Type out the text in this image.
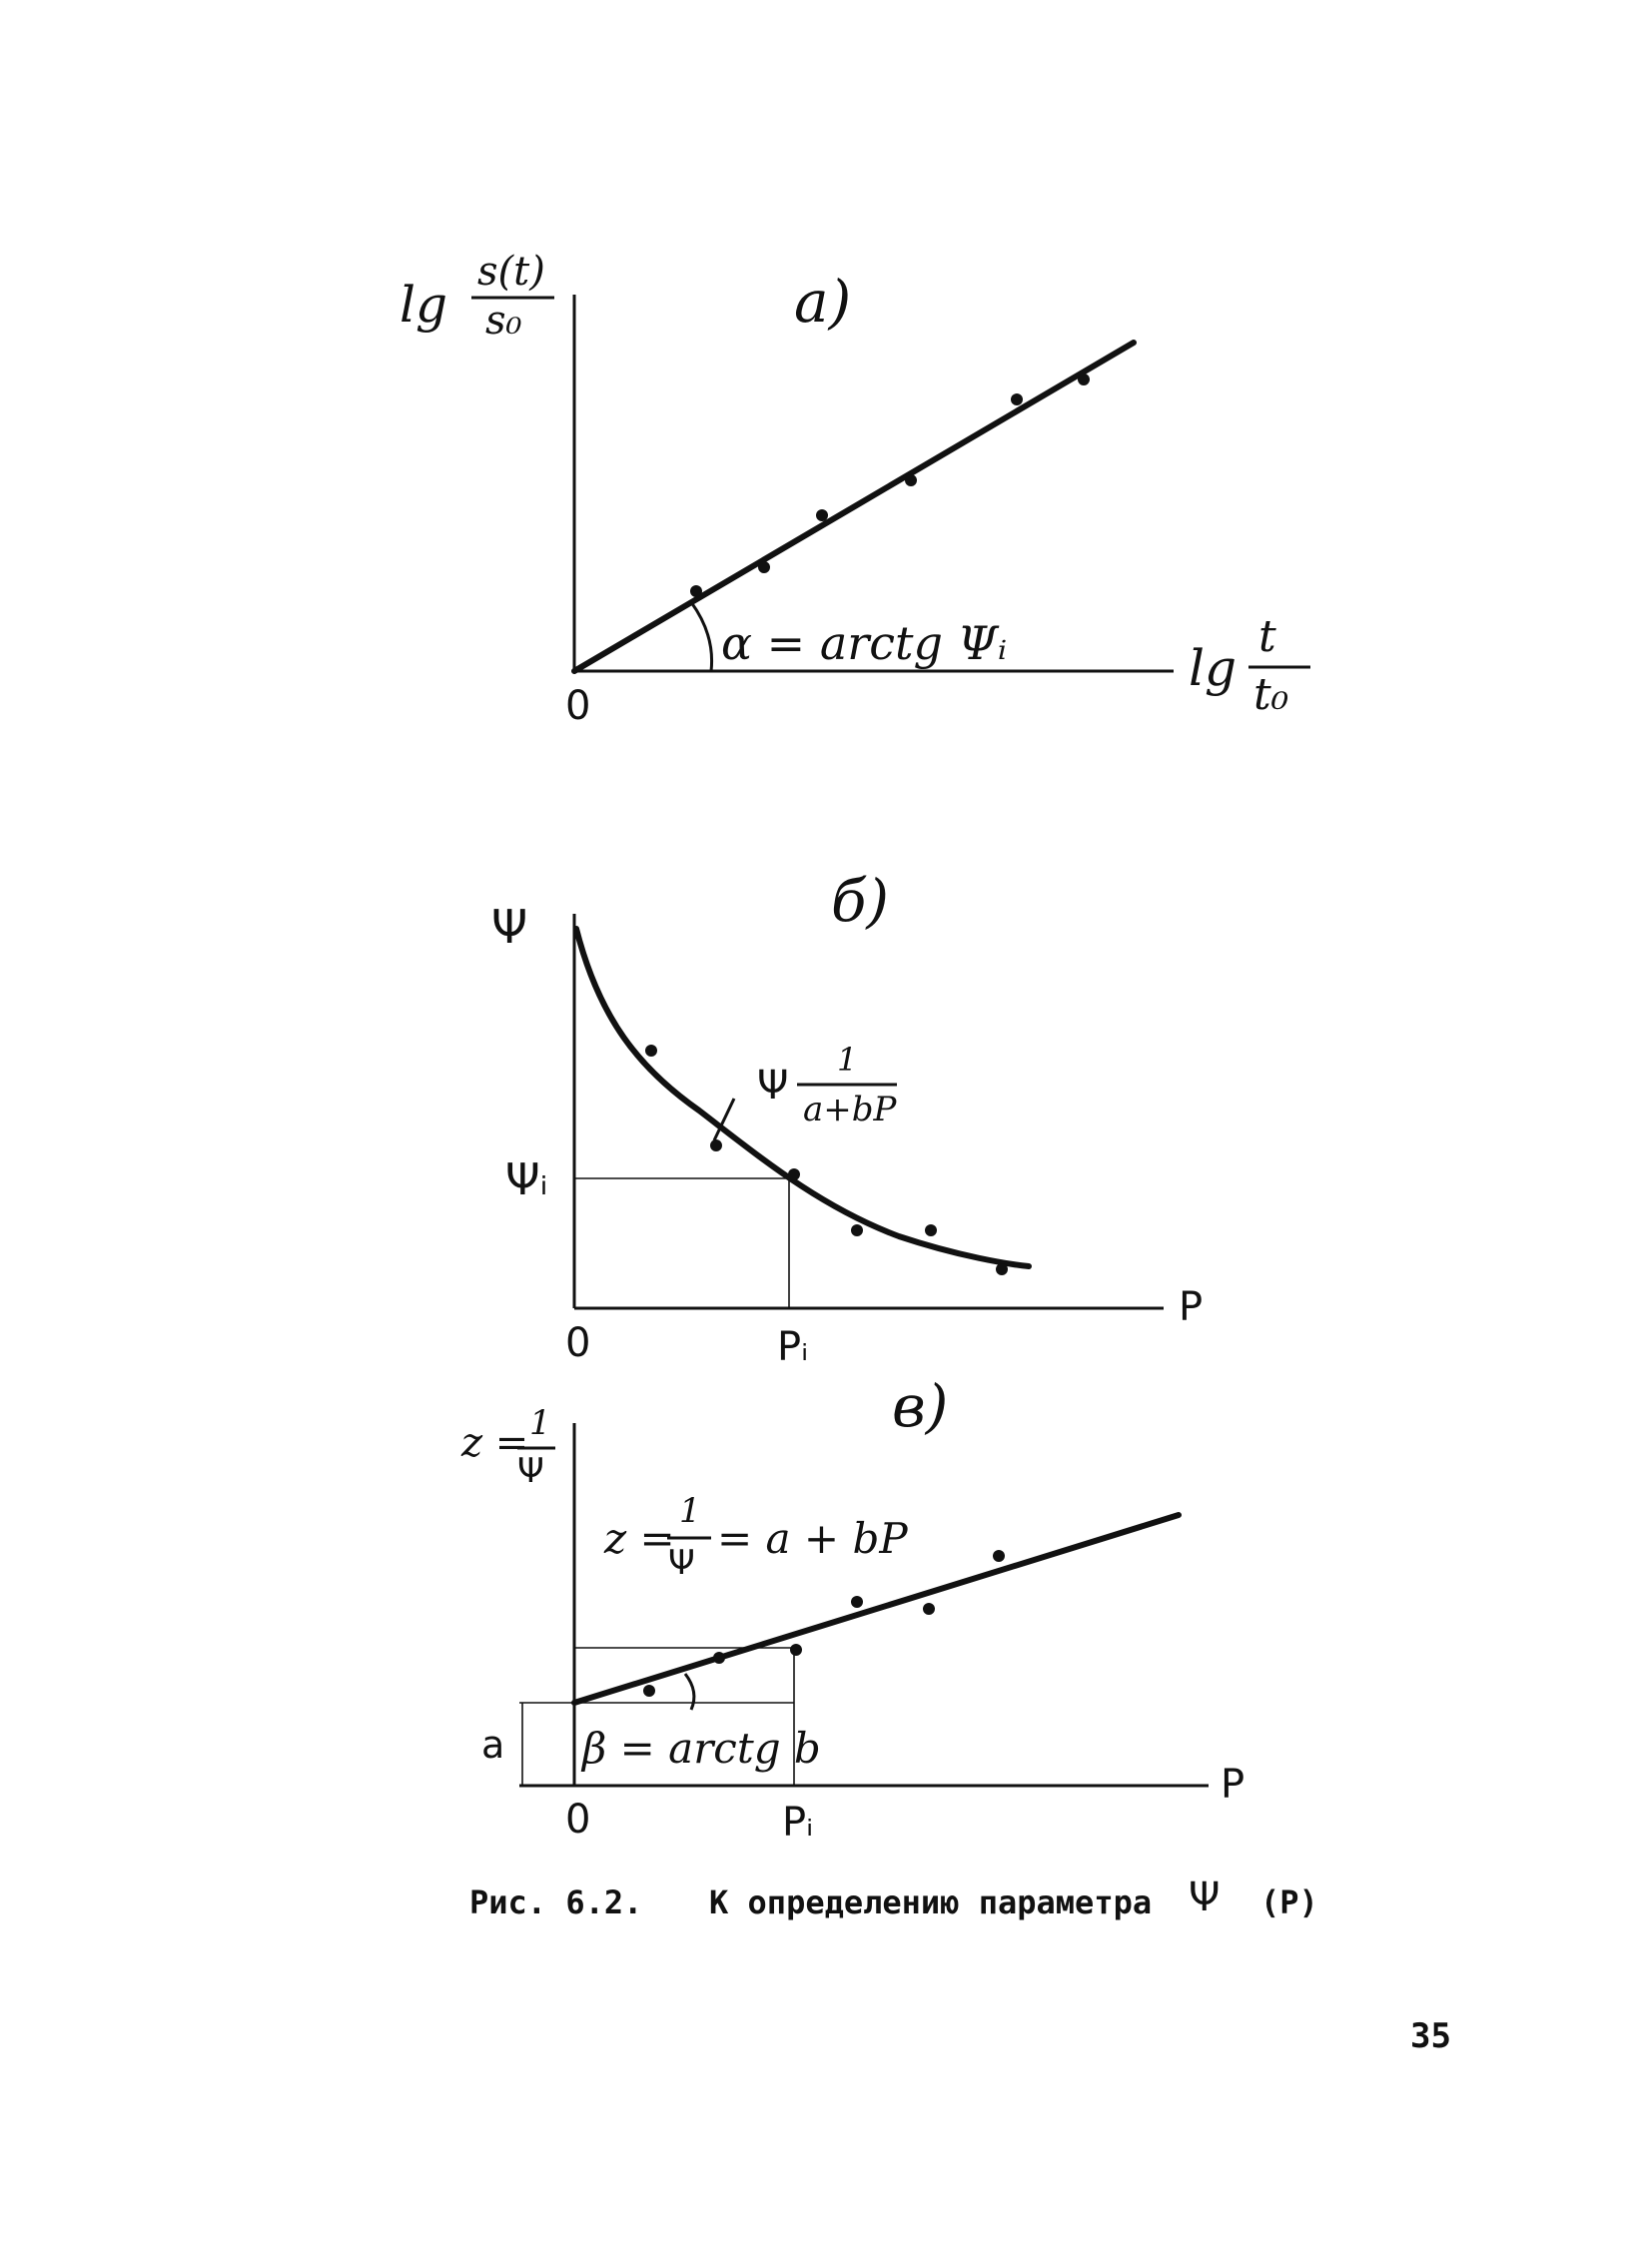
a)
lg
s(t)
s₀
α = arctg Ψᵢ	lg
t
t₀
0
б)
Ψ
Ψ
1
a+bP
Ψᵢ
P
0	Pᵢ
в)
z = 1
Ψ
z =
1
Ψ = a + bP
a β = arctg b
P
0	Pᵢ
Рис. 6.2. К определению параметра Ψ (P)
35
